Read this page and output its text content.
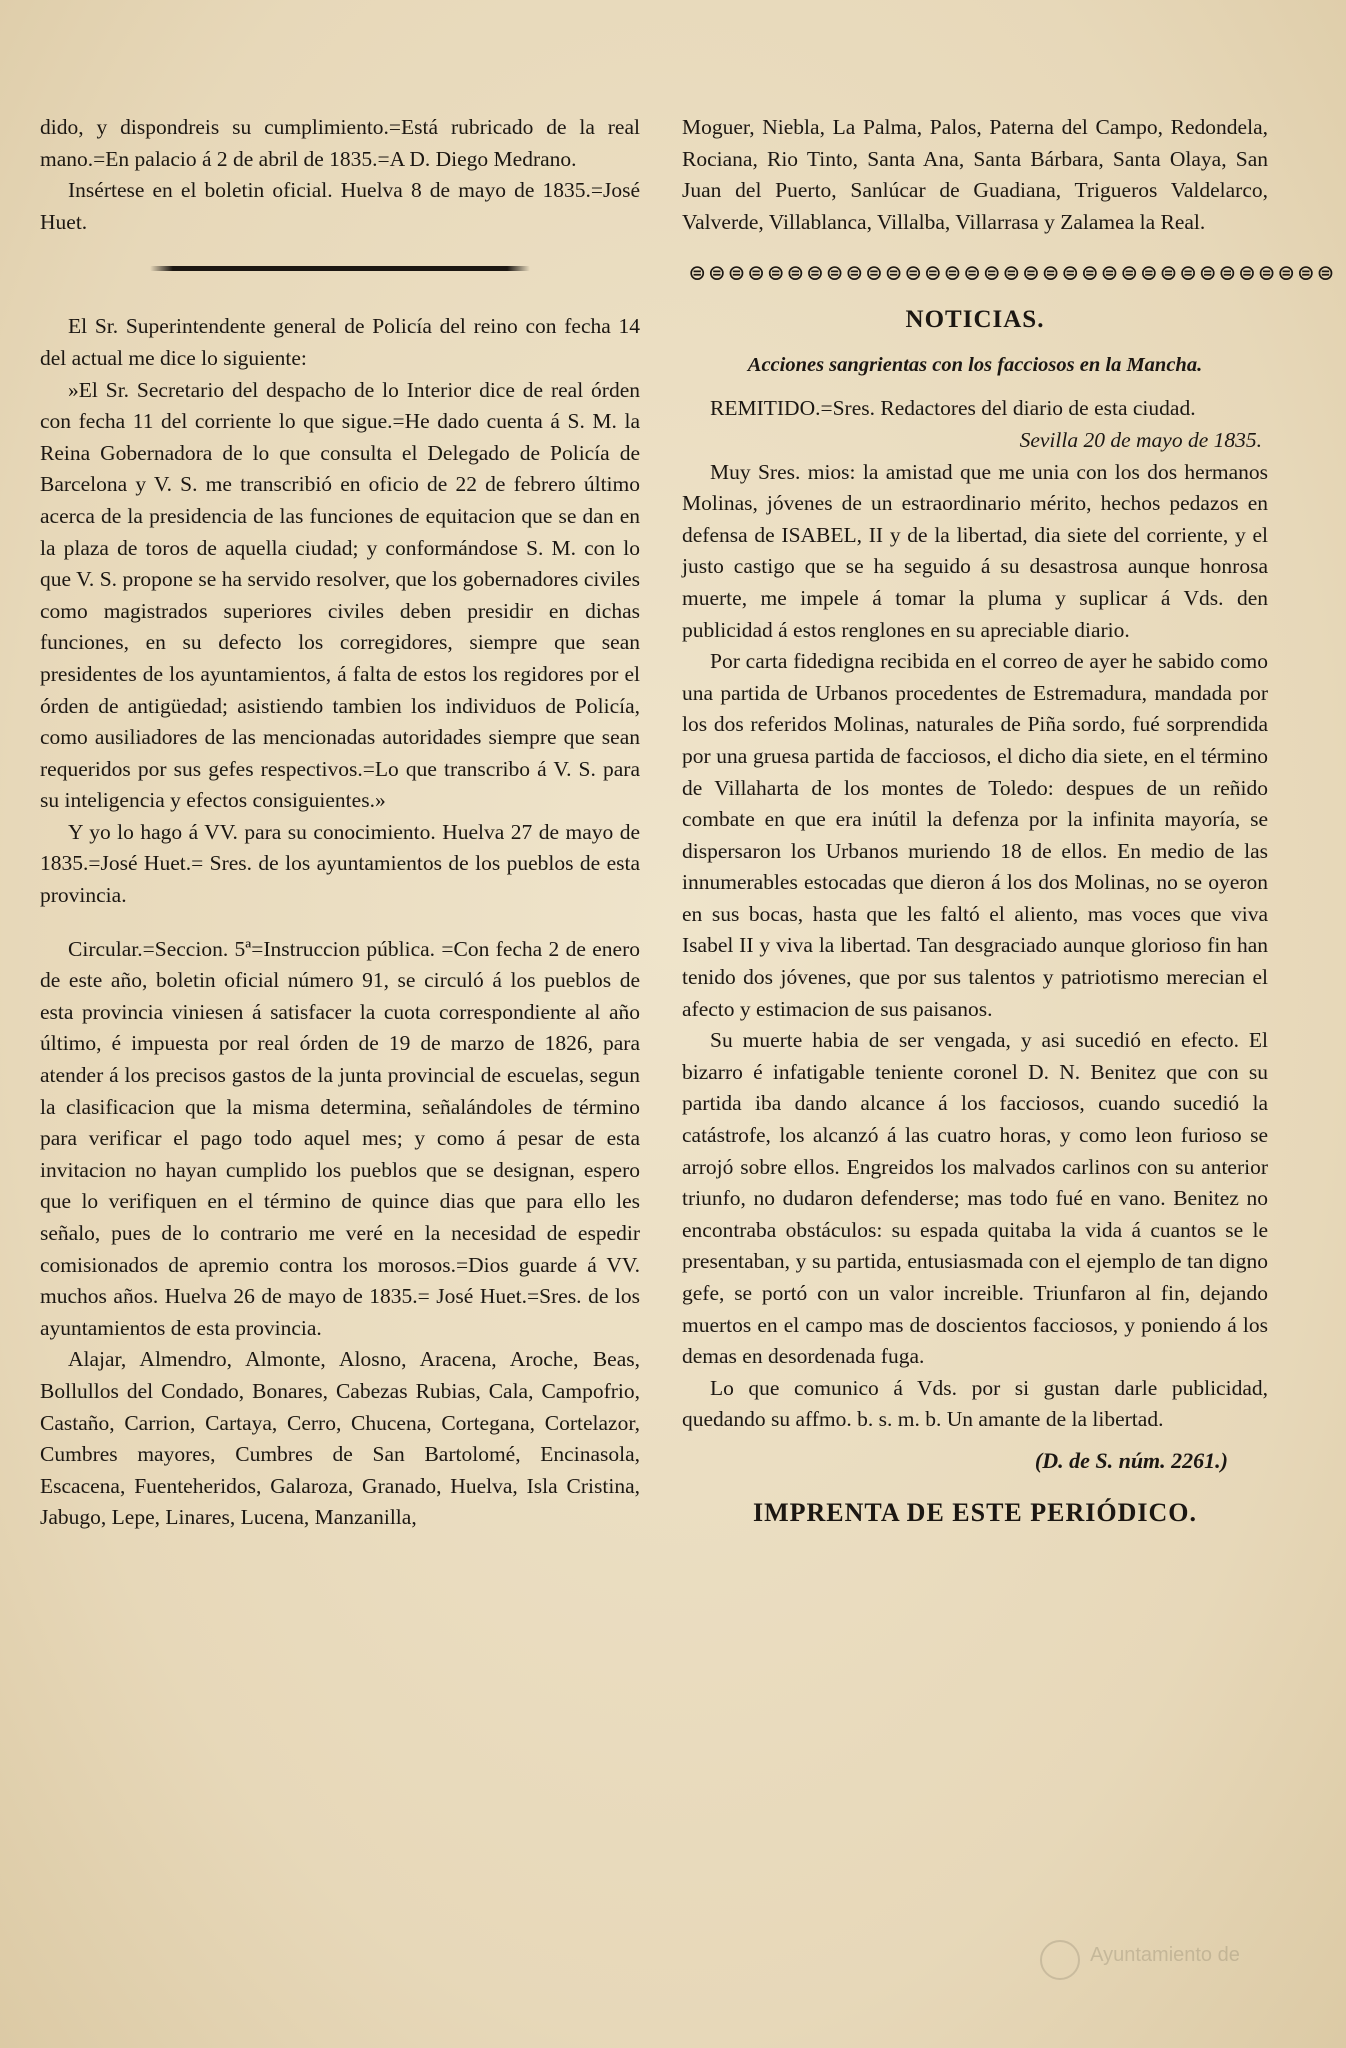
dido, y dispondreis su cumplimiento.=Está rubricado de la real mano.=En palacio á 2 de abril de 1835.=A D. Diego Medrano.

Insértese en el boletin oficial. Huelva 8 de mayo de 1835.=José Huet.

El Sr. Superintendente general de Policía del reino con fecha 14 del actual me dice lo siguiente:

»El Sr. Secretario del despacho de lo Interior dice de real órden con fecha 11 del corriente lo que sigue.=He dado cuenta á S. M. la Reina Gobernadora de lo que consulta el Delegado de Policía de Barcelona y V. S. me transcribió en oficio de 22 de febrero último acerca de la presidencia de las funciones de equitacion que se dan en la plaza de toros de aquella ciudad; y conformándose S. M. con lo que V. S. propone se ha servido resolver, que los gobernadores civiles como magistrados superiores civiles deben presidir en dichas funciones, en su defecto los corregidores, siempre que sean presidentes de los ayuntamientos, á falta de estos los regidores por el órden de antigüedad; asistiendo tambien los individuos de Policía, como ausiliadores de las mencionadas autoridades siempre que sean requeridos por sus gefes respectivos.=Lo que transcribo á V. S. para su inteligencia y efectos consiguientes.»

Y yo lo hago á VV. para su conocimiento. Huelva 27 de mayo de 1835.=José Huet.= Sres. de los ayuntamientos de los pueblos de esta provincia.

Circular.=Seccion. 5ª=Instruccion pública. =Con fecha 2 de enero de este año, boletin oficial número 91, se circuló á los pueblos de esta provincia viniesen á satisfacer la cuota correspondiente al año último, é impuesta por real órden de 19 de marzo de 1826, para atender á los precisos gastos de la junta provincial de escuelas, segun la clasificacion que la misma determina, señalándoles de término para verificar el pago todo aquel mes; y como á pesar de esta invitacion no hayan cumplido los pueblos que se designan, espero que lo verifiquen en el término de quince dias que para ello les señalo, pues de lo contrario me veré en la necesidad de espedir comisionados de apremio contra los morosos.=Dios guarde á VV. muchos años. Huelva 26 de mayo de 1835.= José Huet.=Sres. de los ayuntamientos de esta provincia.

Alajar, Almendro, Almonte, Alosno, Aracena, Aroche, Beas, Bollullos del Condado, Bonares, Cabezas Rubias, Cala, Campofrio, Castaño, Carrion, Cartaya, Cerro, Chucena, Cortegana, Cortelazor, Cumbres mayores, Cumbres de San Bartolomé, Encinasola, Escacena, Fuenteheridos, Galaroza, Granado, Huelva, Isla Cristina, Jabugo, Lepe, Linares, Lucena, Manzanilla,

Moguer, Niebla, La Palma, Palos, Paterna del Campo, Redondela, Rociana, Rio Tinto, Santa Ana, Santa Bárbara, Santa Olaya, San Juan del Puerto, Sanlúcar de Guadiana, Trigueros Valdelarco, Valverde, Villablanca, Villalba, Villarrasa y Zalamea la Real.

⊜⊜⊜⊜⊜⊜⊜⊜⊜⊜⊜⊜⊜⊜⊜⊜⊜⊜⊜⊜⊜⊜⊜⊜⊜⊜⊜⊜⊜⊜⊜⊜⊜
NOTICIAS.
Acciones sangrientas con los facciosos en la Mancha.

REMITIDO.=Sres. Redactores del diario de esta ciudad.

Sevilla 20 de mayo de 1835.

Muy Sres. mios: la amistad que me unia con los dos hermanos Molinas, jóvenes de un estraordinario mérito, hechos pedazos en defensa de ISABEL, II y de la libertad, dia siete del corriente, y el justo castigo que se ha seguido á su desastrosa aunque honrosa muerte, me impele á tomar la pluma y suplicar á Vds. den publicidad á estos renglones en su apreciable diario.

Por carta fidedigna recibida en el correo de ayer he sabido como una partida de Urbanos procedentes de Estremadura, mandada por los dos referidos Molinas, naturales de Piña sordo, fué sorprendida por una gruesa partida de facciosos, el dicho dia siete, en el término de Villaharta de los montes de Toledo: despues de un reñido combate en que era inútil la defenza por la infinita mayoría, se dispersaron los Urbanos muriendo 18 de ellos. En medio de las innumerables estocadas que dieron á los dos Molinas, no se oyeron en sus bocas, hasta que les faltó el aliento, mas voces que viva Isabel II y viva la libertad. Tan desgraciado aunque glorioso fin han tenido dos jóvenes, que por sus talentos y patriotismo merecian el afecto y estimacion de sus paisanos.

Su muerte habia de ser vengada, y asi sucedió en efecto. El bizarro é infatigable teniente coronel D. N. Benitez que con su partida iba dando alcance á los facciosos, cuando sucedió la catástrofe, los alcanzó á las cuatro horas, y como leon furioso se arrojó sobre ellos. Engreidos los malvados carlinos con su anterior triunfo, no dudaron defenderse; mas todo fué en vano. Benitez no encontraba obstáculos: su espada quitaba la vida á cuantos se le presentaban, y su partida, entusiasmada con el ejemplo de tan digno gefe, se portó con un valor increible. Triunfaron al fin, dejando muertos en el campo mas de doscientos facciosos, y poniendo á los demas en desordenada fuga.

Lo que comunico á Vds. por si gustan darle publicidad, quedando su affmo. b. s. m. b. Un amante de la libertad.

(D. de S. núm. 2261.)
IMPRENTA DE ESTE PERIÓDICO.
Ayuntamiento de
